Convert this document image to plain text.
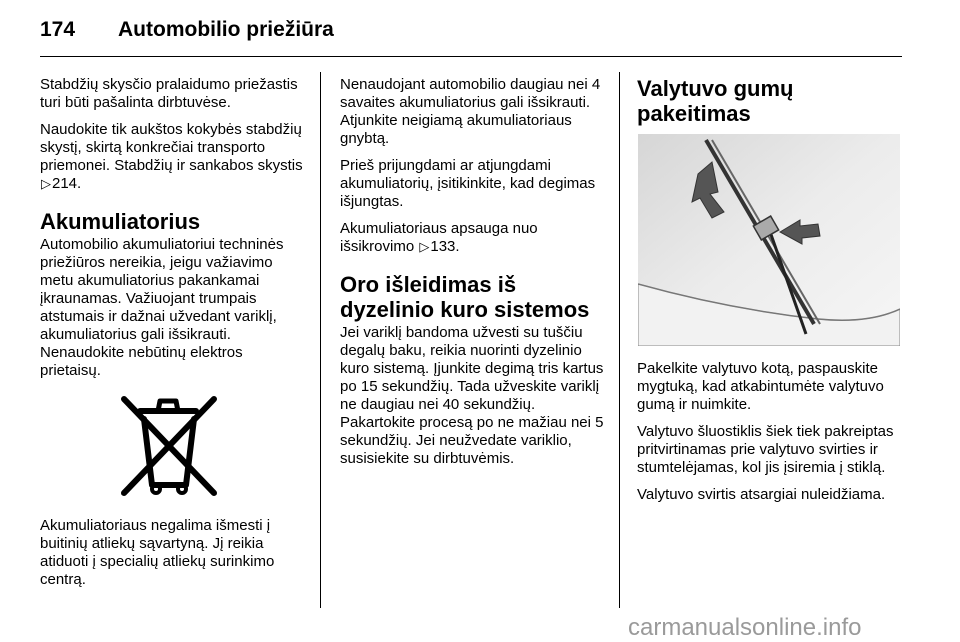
174 Automobilio priežiūra

Stabdžių skysčio pralaidumo priežastis turi būti pašalinta dirbtuvėse.

Naudokite tik aukštos kokybės stabdžių skystį, skirtą konkrečiai transporto priemonei. Stabdžių ir sankabos skystis ▷214.

Akumuliatorius

Automobilio akumuliatoriui techninės priežiūros nereikia, jeigu važiavimo metu akumuliatorius pakankamai įkraunamas. Važiuojant trumpais atstumais ir dažnai užvedant variklį, akumuliatorius gali išsikrauti. Nenaudokite nebūtinų elektros prietaisų.

Akumuliatoriaus negalima išmesti į buitinių atliekų sąvartyną. Jį reikia atiduoti į specialių atliekų surinkimo centrą.

Nenaudojant automobilio daugiau nei 4 savaites akumuliatorius gali išsikrauti. Atjunkite neigiamą akumuliatoriaus gnybtą.

Prieš prijungdami ar atjungdami akumuliatorių, įsitikinkite, kad degimas išjungtas.

Akumuliatoriaus apsauga nuo išsikrovimo ▷133.

Oro išleidimas iš dyzelinio kuro sistemos

Jei variklį bandoma užvesti su tuščiu degalų baku, reikia nuorinti dyzelinio kuro sistemą. Įjunkite degimą tris kartus po 15 sekundžių. Tada užveskite variklį ne daugiau nei 40 sekundžių. Pakartokite procesą po ne mažiau nei 5 sekundžių. Jei neužvedate variklio, susisiekite su dirbtuvėmis.

Valytuvo gumų pakeitimas

Pakelkite valytuvo kotą, paspauskite mygtuką, kad atkabintumėte valytuvo gumą ir nuimkite.

Valytuvo šluostiklis šiek tiek pakreiptas pritvirtinamas prie valytuvo svirties ir stumtelėjamas, kol jis įsiremia į stiklą.

Valytuvo svirtis atsargiai nuleidžiama.

carmanualsonline.info
